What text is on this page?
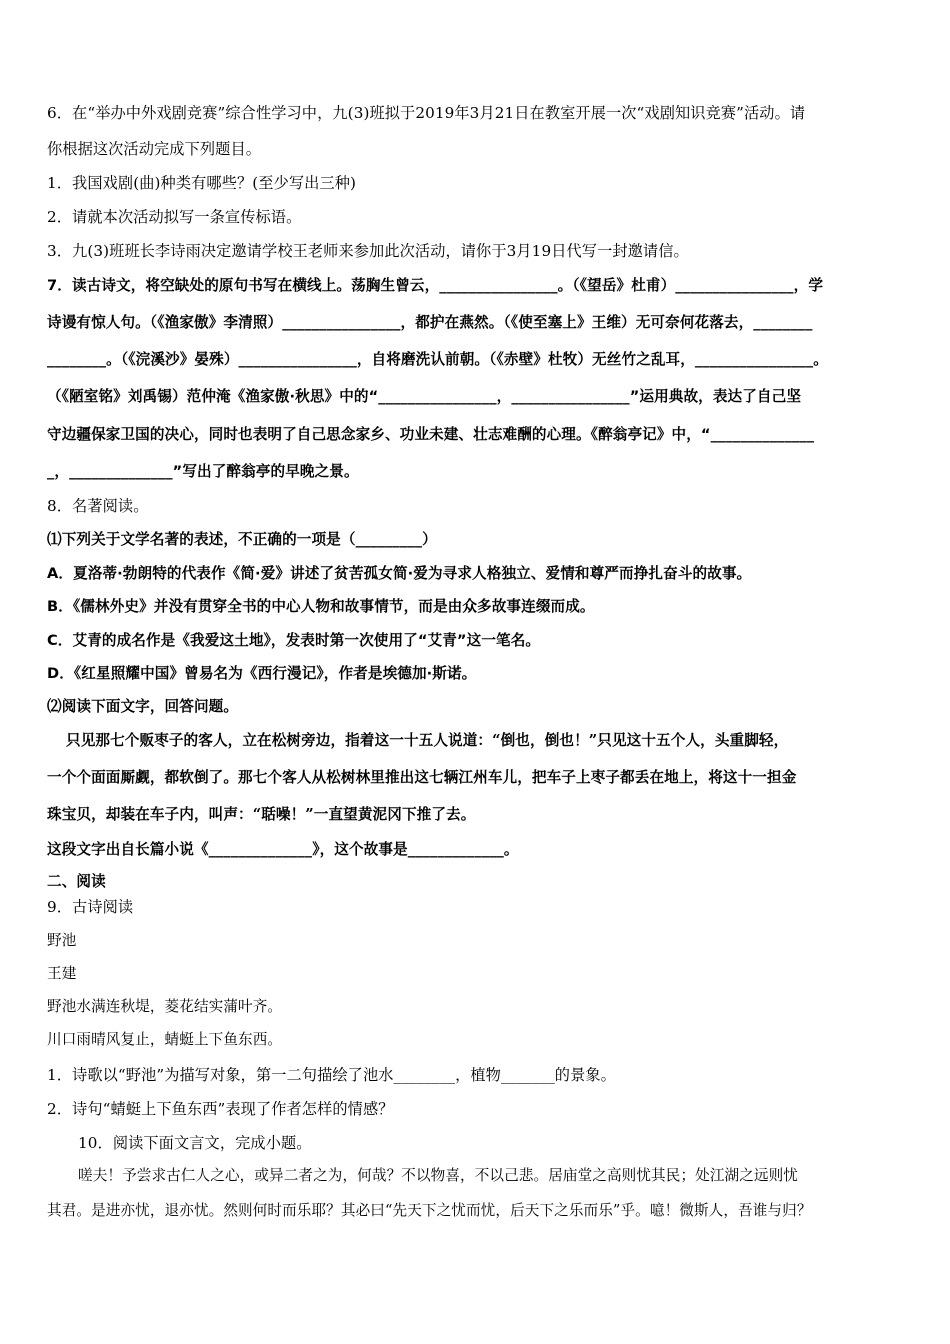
6．在“举办中外戏剧竞赛”综合性学习中，九(3)班拟于2019年3月21日在教室开展一次“戏剧知识竞赛”活动。请
你根据这次活动完成下列题目。
1．我国戏剧(曲)种类有哪些？(至少写出三种)
2．请就本次活动拟写一条宣传标语。
3．九(3)班班长李诗雨决定邀请学校王老师来参加此次活动，请你于3月19日代写一封邀请信。
7．读古诗文，将空缺处的原句书写在横线上。荡胸生曾云，________________。（《望岳》杜甫）________________，学
诗谩有惊人句。（《渔家傲》李清照）________________，都护在燕然。（《使至塞上》王维）无可奈何花落去，________
________。（《浣溪沙》晏殊）________________，自将磨洗认前朝。（《赤壁》杜牧）无丝竹之乱耳，________________。
（《陋室铭》刘禹锡）范仲淹《渔家傲·秋思》中的“________________，________________”运用典故，表达了自己坚
守边疆保家卫国的决心，同时也表明了自己思念家乡、功业未建、壮志难酬的心理。《醉翁亭记》中，“______________
_，______________”写出了醉翁亭的早晚之景。
8．名著阅读。
⑴下列关于文学名著的表述，不正确的一项是（_________）
A．夏洛蒂·勃朗特的代表作《简·爱》讲述了贫苦孤女简·爱为寻求人格独立、爱情和尊严而挣扎奋斗的故事。
B．《儒林外史》并没有贯穿全书的中心人物和故事情节，而是由众多故事连缀而成。
C．艾青的成名作是《我爱这土地》，发表时第一次使用了“艾青”这一笔名。
D．《红星照耀中国》曾易名为《西行漫记》，作者是埃德加·斯诺。
⑵阅读下面文字，回答问题。
只见那七个贩枣子的客人，立在松树旁边，指着这一十五人说道：“倒也，倒也！”只见这十五个人，头重脚轻，
一个个面面厮觑，都软倒了。那七个客人从松树林里推出这七辆江州车儿，把车子上枣子都丢在地上，将这十一担金
珠宝贝，却装在车子内，叫声：“聒噪！”一直望黄泥冈下推了去。
这段文字出自长篇小说《______________》，这个故事是_____________。
二、阅读
9．古诗阅读
野池
王建
野池水满连秋堤，菱花结实蒲叶齐。
川口雨晴风复止，蜻蜓上下鱼东西。
1．诗歌以“野池”为描写对象，第一二句描绘了池水________，植物_______的景象。
2．诗句“蜻蜓上下鱼东西”表现了作者怎样的情感？
10．阅读下面文言文，完成小题。
嗟夫！予尝求古仁人之心，或异二者之为，何哉？不以物喜，不以己悲。居庙堂之高则忧其民；处江湖之远则忧
其君。是进亦忧，退亦忧。然则何时而乐耶？其必曰“先天下之忧而忧，后天下之乐而乐”乎。噫！微斯人，吾谁与归？
